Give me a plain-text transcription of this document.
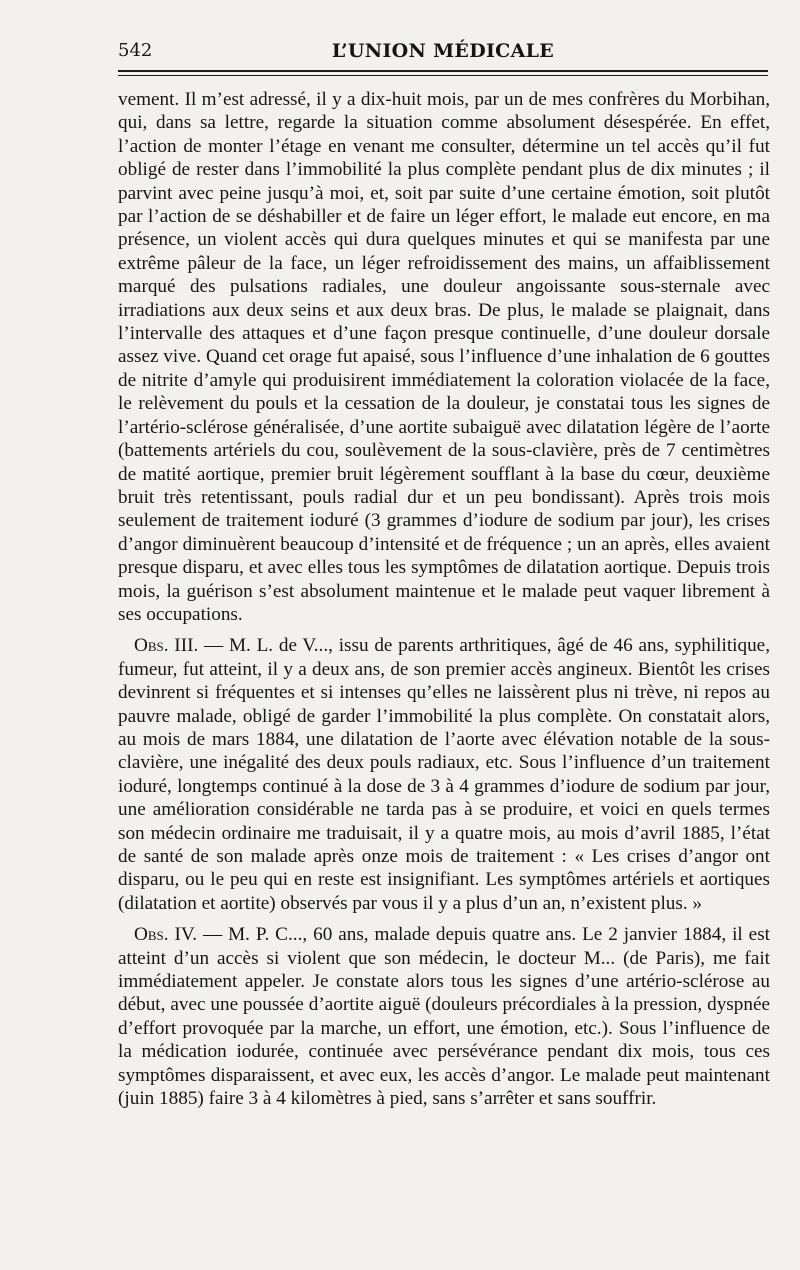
542	L’UNION MÉDICALE

vement. Il m’est adressé, il y a dix-huit mois, par un de mes confrères du Morbihan, qui, dans sa lettre, regarde la situation comme absolument désespérée. En effet, l’action de monter l’étage en venant me consulter, détermine un tel accès qu’il fut obligé de rester dans l’immobilité la plus complète pendant plus de dix minutes ; il parvint avec peine jusqu’à moi, et, soit par suite d’une certaine émotion, soit plutôt par l’action de se déshabiller et de faire un léger effort, le malade eut encore, en ma présence, un violent accès qui dura quelques minutes et qui se manifesta par une extrême pâleur de la face, un léger refroidissement des mains, un affaiblissement marqué des pulsations radiales, une douleur angoissante sous-sternale avec irradiations aux deux seins et aux deux bras. De plus, le malade se plaignait, dans l’intervalle des attaques et d’une façon presque continuelle, d’une douleur dorsale assez vive. Quand cet orage fut apaisé, sous l’influence d’une inhalation de 6 gouttes de nitrite d’amyle qui produisirent immédiatement la coloration violacée de la face, le relèvement du pouls et la cessation de la douleur, je constatai tous les signes de l’artério-sclérose généralisée, d’une aortite subaiguë avec dilatation légère de l’aorte (battements artériels du cou, soulèvement de la sous-clavière, près de 7 centimètres de matité aortique, premier bruit légèrement soufflant à la base du cœur, deuxième bruit très retentissant, pouls radial dur et un peu bondissant). Après trois mois seulement de traitement ioduré (3 grammes d’iodure de sodium par jour), les crises d’angor diminuèrent beaucoup d’intensité et de fréquence ; un an après, elles avaient presque disparu, et avec elles tous les symptômes de dilatation aortique. Depuis trois mois, la guérison s’est absolument maintenue et le malade peut vaquer librement à ses occupations.

Obs. III. — M. L. de V..., issu de parents arthritiques, âgé de 46 ans, syphilitique, fumeur, fut atteint, il y a deux ans, de son premier accès angineux. Bientôt les crises devinrent si fréquentes et si intenses qu’elles ne laissèrent plus ni trève, ni repos au pauvre malade, obligé de garder l’immobilité la plus complète. On constatait alors, au mois de mars 1884, une dilatation de l’aorte avec élévation notable de la sous-clavière, une inégalité des deux pouls radiaux, etc. Sous l’influence d’un traitement ioduré, longtemps continué à la dose de 3 à 4 grammes d’iodure de sodium par jour, une amélioration considérable ne tarda pas à se produire, et voici en quels termes son médecin ordinaire me traduisait, il y a quatre mois, au mois d’avril 1885, l’état de santé de son malade après onze mois de traitement : « Les crises d’angor ont disparu, ou le peu qui en reste est insignifiant. Les symptômes artériels et aortiques (dilatation et aortite) observés par vous il y a plus d’un an, n’existent plus. »

Obs. IV. — M. P. C..., 60 ans, malade depuis quatre ans. Le 2 janvier 1884, il est atteint d’un accès si violent que son médecin, le docteur M... (de Paris), me fait immédiatement appeler. Je constate alors tous les signes d’une artério-sclérose au début, avec une poussée d’aortite aiguë (douleurs précordiales à la pression, dyspnée d’effort provoquée par la marche, un effort, une émotion, etc.). Sous l’influence de la médication iodurée, continuée avec persévérance pendant dix mois, tous ces symptômes disparaissent, et avec eux, les accès d’angor. Le malade peut maintenant (juin 1885) faire 3 à 4 kilomètres à pied, sans s’arrêter et sans souffrir.
